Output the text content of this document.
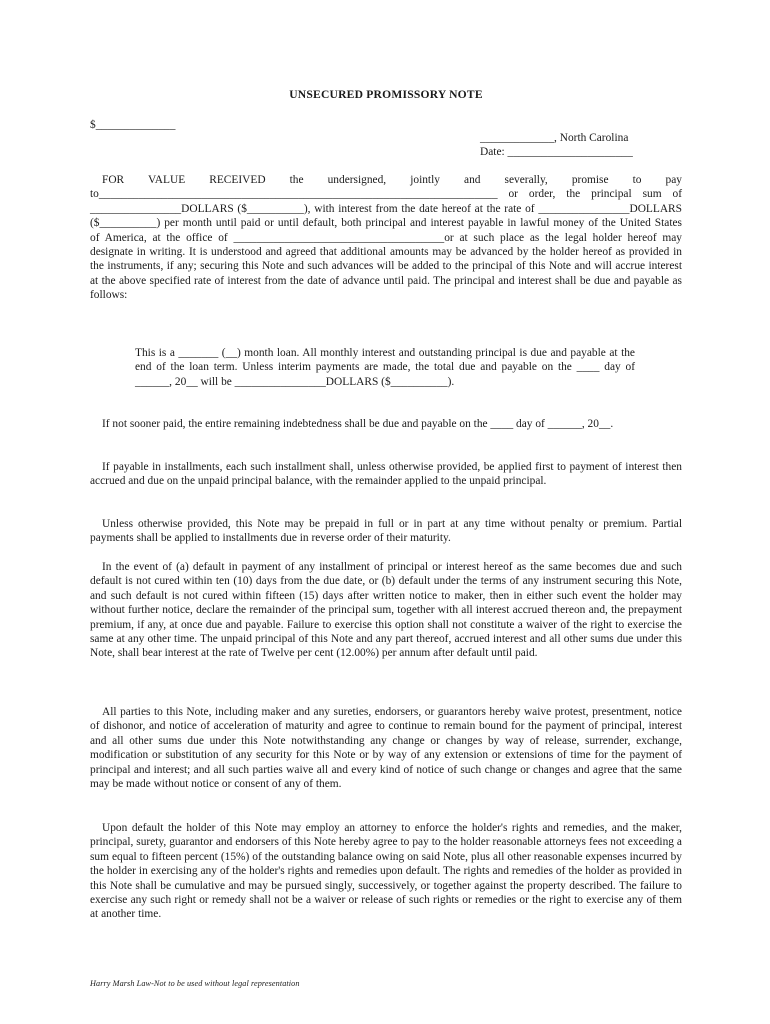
UNSECURED PROMISSORY NOTE
$______________
_____________, North Carolina
Date: ______________________
FOR VALUE RECEIVED the undersigned, jointly and severally, promise to pay to______________________________________________________________________ or order, the principal sum of ________________DOLLARS ($__________), with interest from the date hereof at the rate of ________________DOLLARS ($__________) per month until paid or until default, both principal and interest payable in lawful money of the United States of America, at the office of _____________________________________or at such place as the legal holder hereof may designate in writing. It is understood and agreed that additional amounts may be advanced by the holder hereof as provided in the instruments, if any; securing this Note and such advances will be added to the principal of this Note and will accrue interest at the above specified rate of interest from the date of advance until paid. The principal and interest shall be due and payable as follows:
This is a _______ (__) month loan. All monthly interest and outstanding principal is due and payable at the end of the loan term. Unless interim payments are made, the total due and payable on the ____ day of ______, 20__ will be ________________DOLLARS ($__________).
If not sooner paid, the entire remaining indebtedness shall be due and payable on the ____ day of ______, 20__.
If payable in installments, each such installment shall, unless otherwise provided, be applied first to payment of interest then accrued and due on the unpaid principal balance, with the remainder applied to the unpaid principal.
Unless otherwise provided, this Note may be prepaid in full or in part at any time without penalty or premium. Partial payments shall be applied to installments due in reverse order of their maturity.
In the event of (a) default in payment of any installment of principal or interest hereof as the same becomes due and such default is not cured within ten (10) days from the due date, or (b) default under the terms of any instrument securing this Note, and such default is not cured within fifteen (15) days after written notice to maker, then in either such event the holder may without further notice, declare the remainder of the principal sum, together with all interest accrued thereon and, the prepayment premium, if any, at once due and payable. Failure to exercise this option shall not constitute a waiver of the right to exercise the same at any other time. The unpaid principal of this Note and any part thereof, accrued interest and all other sums due under this Note, shall bear interest at the rate of Twelve per cent (12.00%) per annum after default until paid.
All parties to this Note, including maker and any sureties, endorsers, or guarantors hereby waive protest, presentment, notice of dishonor, and notice of acceleration of maturity and agree to continue to remain bound for the payment of principal, interest and all other sums due under this Note notwithstanding any change or changes by way of release, surrender, exchange, modification or substitution of any security for this Note or by way of any extension or extensions of time for the payment of principal and interest; and all such parties waive all and every kind of notice of such change or changes and agree that the same may be made without notice or consent of any of them.
Upon default the holder of this Note may employ an attorney to enforce the holder's rights and remedies, and the maker, principal, surety, guarantor and endorsers of this Note hereby agree to pay to the holder reasonable attorneys fees not exceeding a sum equal to fifteen percent (15%) of the outstanding balance owing on said Note, plus all other reasonable expenses incurred by the holder in exercising any of the holder's rights and remedies upon default. The rights and remedies of the holder as provided in this Note shall be cumulative and may be pursued singly, successively, or together against the property described. The failure to exercise any such right or remedy shall not be a waiver or release of such rights or remedies or the right to exercise any of them at another time.
Harry Marsh Law-Not to be used without legal representation
